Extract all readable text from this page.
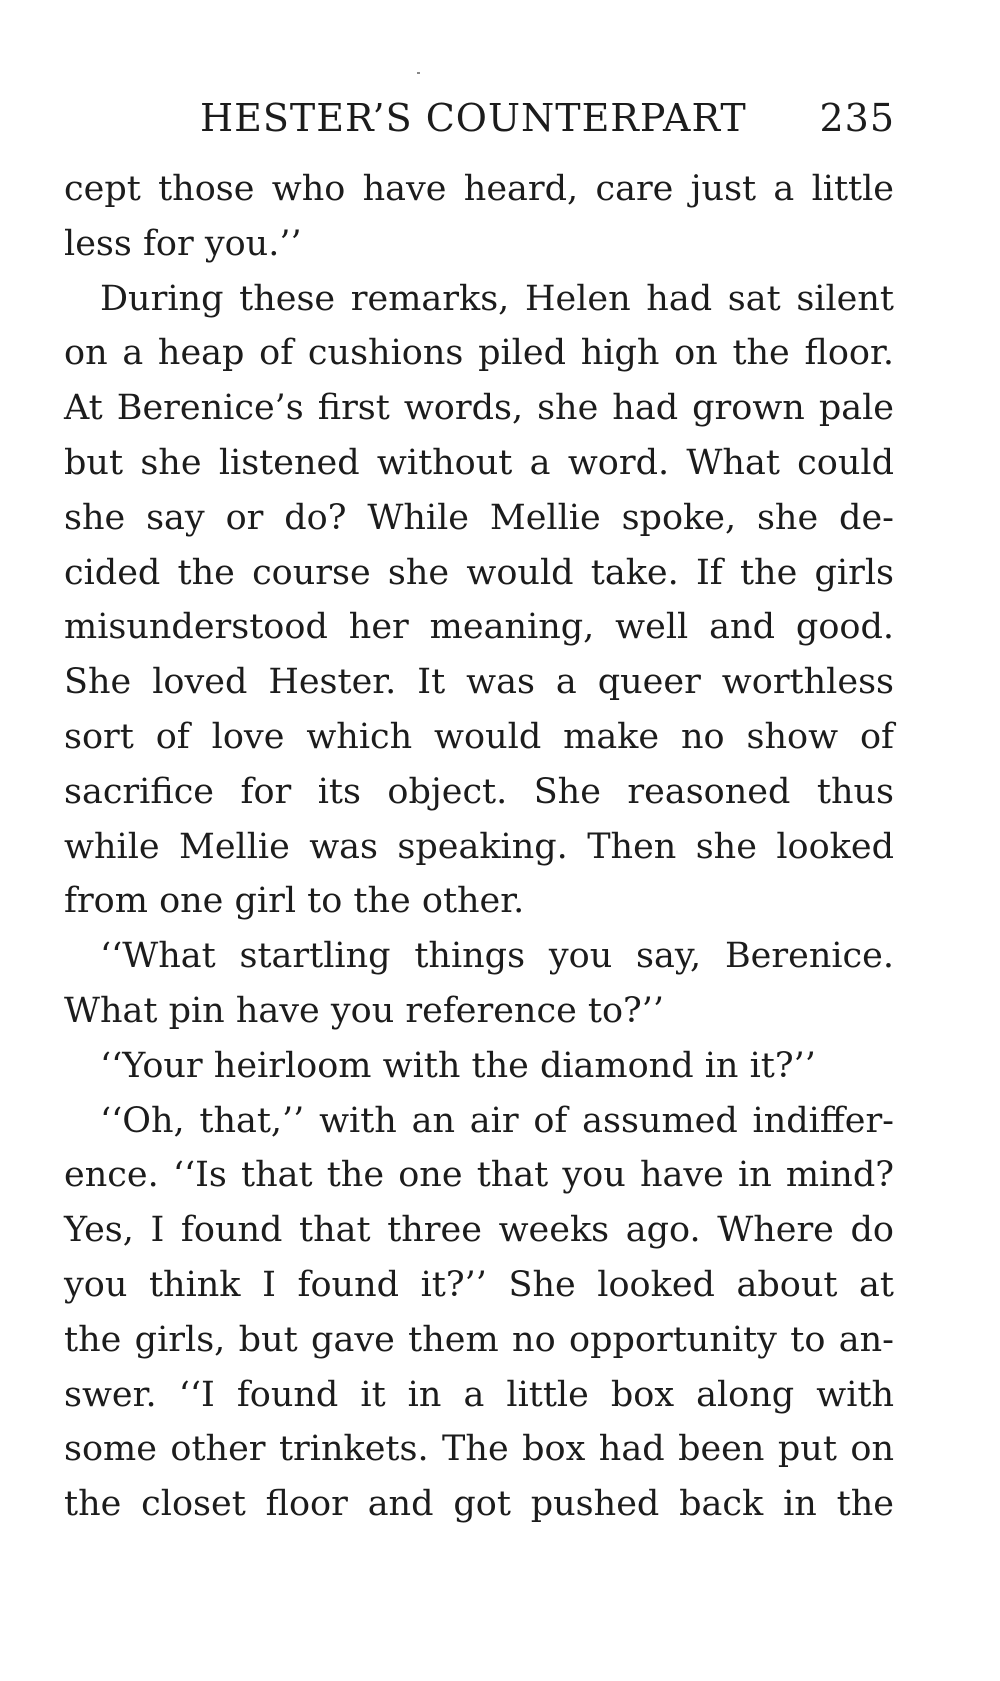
HESTER’S COUNTERPART 235
cept those who have heard, care just a little
less for you.’’
During these remarks, Helen had sat silent
on a heap of cushions piled high on the floor.
At Berenice’s first words, she had grown pale
but she listened without a word. What could
she say or do? While Mellie spoke, she de-
cided the course she would take. If the girls
misunderstood her meaning, well and good.
She loved Hester. It was a queer worthless
sort of love which would make no show of
sacrifice for its object. She reasoned thus
while Mellie was speaking. Then she looked
from one girl to the other.
‘‘What startling things you say, Berenice.
What pin have you reference to?’’
‘‘Your heirloom with the diamond in it?’’
‘‘Oh, that,’’ with an air of assumed indiffer-
ence. ‘‘Is that the one that you have in mind?
Yes, I found that three weeks ago. Where do
you think I found it?’’ She looked about at
the girls, but gave them no opportunity to an-
swer. ‘‘I found it in a little box along with
some other trinkets. The box had been put on
the closet floor and got pushed back in the
